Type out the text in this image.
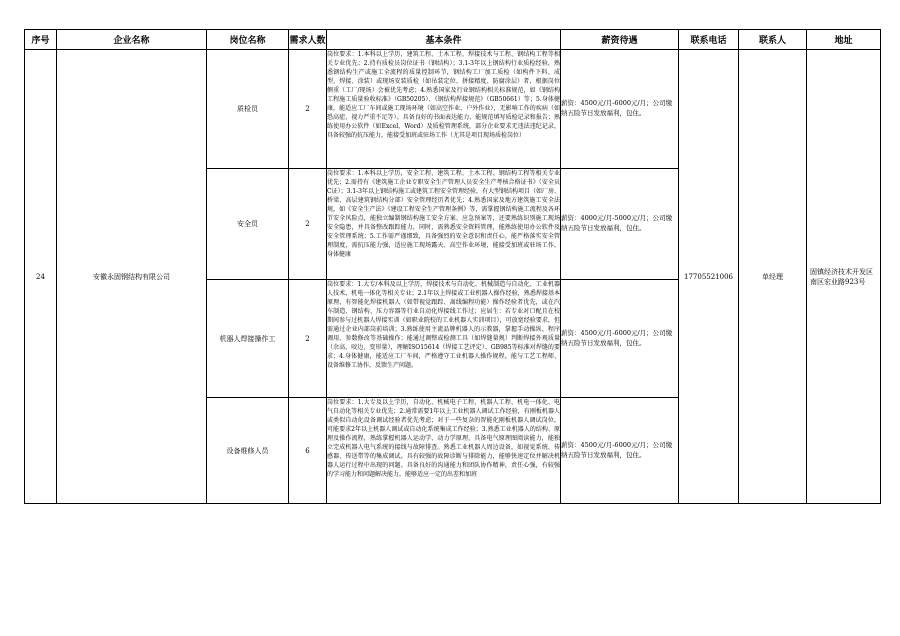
序号	企业名称	岗位名称	需求人数	基本条件	薪资待遇	联系电话	联系人	地址
24	安徽永固钢结构有限公司	质检员	2	岗位要求：1.本科以上学历，建筑工程、土木工程、焊接技术与工程、钢结构工程等相关专业优先；2.持有质检员岗位证书（钢结构）；3.1-3年以上钢结构行业质检经验，熟悉钢结构生产或施工全流程的质量控制环节，钢结构工厂加工质检（如构件下料、成型、焊接、涂装）或现场安装质检（如吊装定位、拼接精度、防腐涂层）者，根据岗位侧重（工厂/现场）会被优先考虑；4.熟悉国家及行业钢结构相关标准规范，如《钢结构工程施工质量验收标准》（GB50205）、《钢结构焊接规范》（GB50661）等；5.身体健康，能适应工厂车间或施工现场环境（如高空作业、户外作业），无影响工作的疾病（如恐高症、视力严重不足等）。具备良好的书面表达能力，能规范填写质检记录和报告；熟练使用办公软件（如Excel、Word）及质检管理系统，部分企业要求无违法违纪记录，具备较强的抗压能力，能接受加班或驻场工作（尤其是项目现场质检岗位）	薪资：4500元/月-6000元/月；公司缴纳五险节日发放福利，包住。	17705521006	单经理	固镇经济技术开发区南区宏业路923号
		安全员	2	岗位要求：1.本科以上学历，安全工程、建筑工程、土木工程、钢结构工程等相关专业优先；2.需持有《建筑施工企业专职安全生产管理人员安全生产考核合格证书》（安全员C证）；3.1-3年以上钢结构施工或建筑工程安全管理经验，有大型钢结构项目（如厂房、桥梁、高层建筑钢结构分部）安全管理经历者优先；4.熟悉国家及地方建筑施工安全法规，如《安全生产法》《建设工程安全生产管理条例》等，需掌握钢结构施工流程及各环节安全风险点，能独立编制钢结构施工安全方案、应急预案等，还要熟练识别施工现场安全隐患，并具备整改跟踪能力，同时，需熟悉安全资料管理，能熟练使用办公软件及安全管理系统；5.工作需严谨细致，具备强烈的安全意识和责任心，能严格落实安全管理制度，需抗压能力强，适应施工现场露天、高空作业环境，能接受加班或驻场工作，身体健康	薪资：4000元/月-5000元/月；公司缴纳五险节日发放福利，包住。			
		机器人焊接操作工	2	岗位要求：1.大专/本科及以上学历，焊接技术与自动化、机械制造与自动化、工业机器人技术、机电一体化等相关专业；2.1年以上焊接或工业机器人操作经验，熟悉焊接基本原理，有智能化焊接机器人（如带视觉跟踪、离线编程功能）操作经验者优先，或在汽车制造、钢结构、压力容器等行业自动化焊接线工作过；应届生：若专业对口配且在校期间参与过机器人焊接实训（如职业院校的工业机器人实训项目），可放宽经验要求，但需通过企业内部岗前培训；3.熟练使用主流品牌机器人的示教器，掌握手动操纵、程序调用、参数修改等基础操作；能通过调整或检测工具（如焊缝量规）判断焊接外观质量（余高、咬边、变形量），理解ISO15614（焊接工艺评定）、GB985等标准对焊缝的要求；4.身体健康，能适应工厂车间，严格遵守工业机器人操作规程，能与工艺工程师、设备维修工协作，反馈生产问题。	薪资：4500元/月-6000元/月；公司缴纳五险节日发放福利，包住。			
		设备维修人员	6	岗位要求：1.大专及以上学历，自动化、机械电子工程、机器人工程、机电一体化、电气自动化等相关专业优先；2.通常需要1年以上工业机器人调试工作经验，有刚板机器人或类似自动化设备调试经验者优先考虑；对于一些复杂的智能化刚板机器人调试岗位，可能要求2年以上机器人调试或自动化系统集成工作经验；3.熟悉工业机器人的结构、原理及操作流程，熟练掌握机器人运动学、动力学原理，具备电气原理图阅读能力，能独立完成机器人电气系统的接线与故障排查。熟悉工业机器人周边设备，如视觉系统、传感器、传送带等的集成调试。具有较强的故障诊断与排除能力，能够快速定位并解决机器人运行过程中出现的问题。具备良好的沟通能力和团队协作精神，责任心强，有较强的学习能力和问题解决能力，能够适应一定的出差和加班	薪资：4500元/月-6000元/月；公司缴纳五险节日发放福利，包住。			
